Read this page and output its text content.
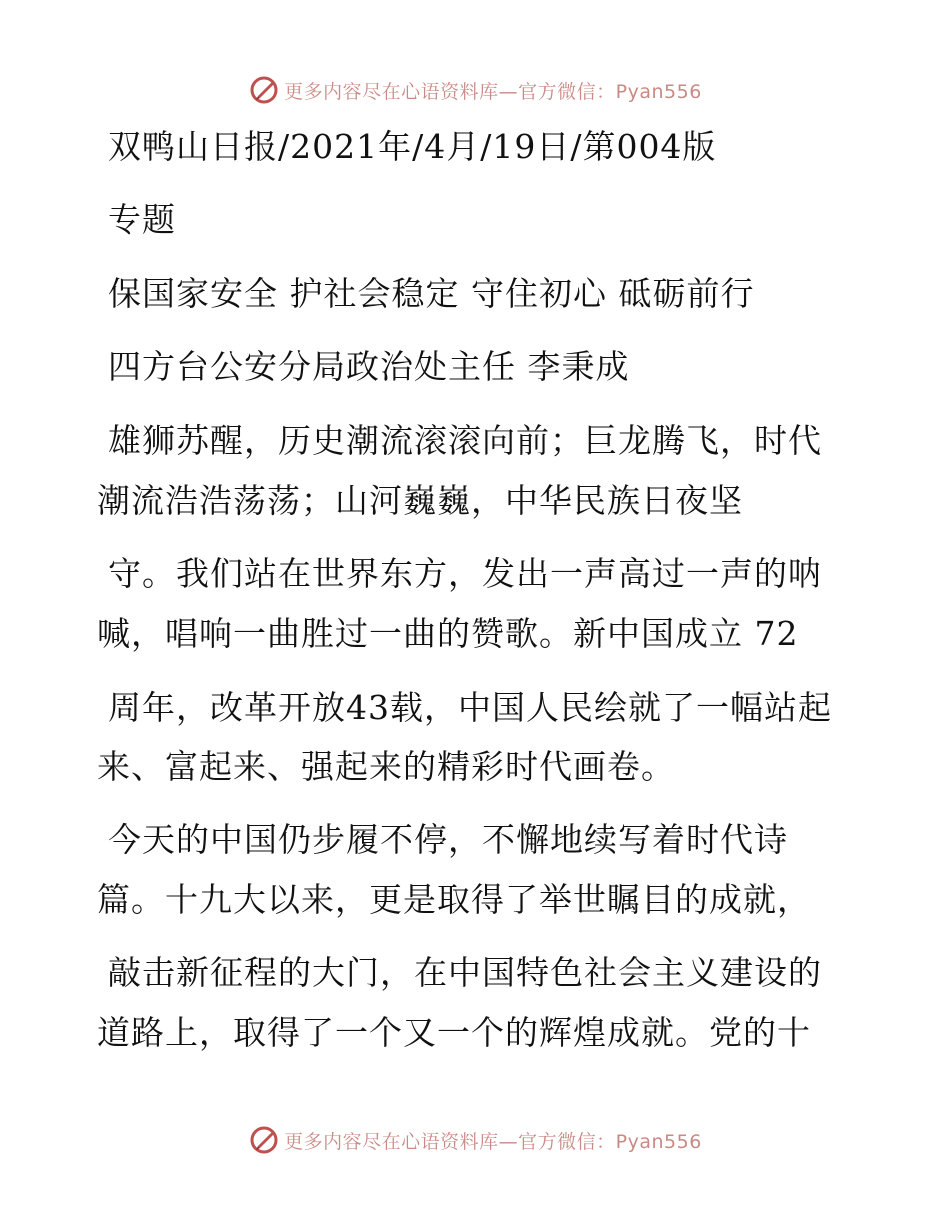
更多内容尽在心语资料库—官方微信：Pyan556
双鸭山日报/2021年/4月/19日/第004版
专题
保国家安全 护社会稳定 守住初心 砥砺前行
四方台公安分局政治处主任 李秉成
雄狮苏醒，历史潮流滚滚向前；巨龙腾飞，时代
潮流浩浩荡荡；山河巍巍，中华民族日夜坚
守。我们站在世界东方，发出一声高过一声的呐
喊，唱响一曲胜过一曲的赞歌。新中国成立 72
周年，改革开放43载，中国人民绘就了一幅站起
来、富起来、强起来的精彩时代画卷。
今天的中国仍步履不停，不懈地续写着时代诗
篇。十九大以来，更是取得了举世瞩目的成就，
敲击新征程的大门，在中国特色社会主义建设的
道路上，取得了一个又一个的辉煌成就。党的十
更多内容尽在心语资料库—官方微信：Pyan556
